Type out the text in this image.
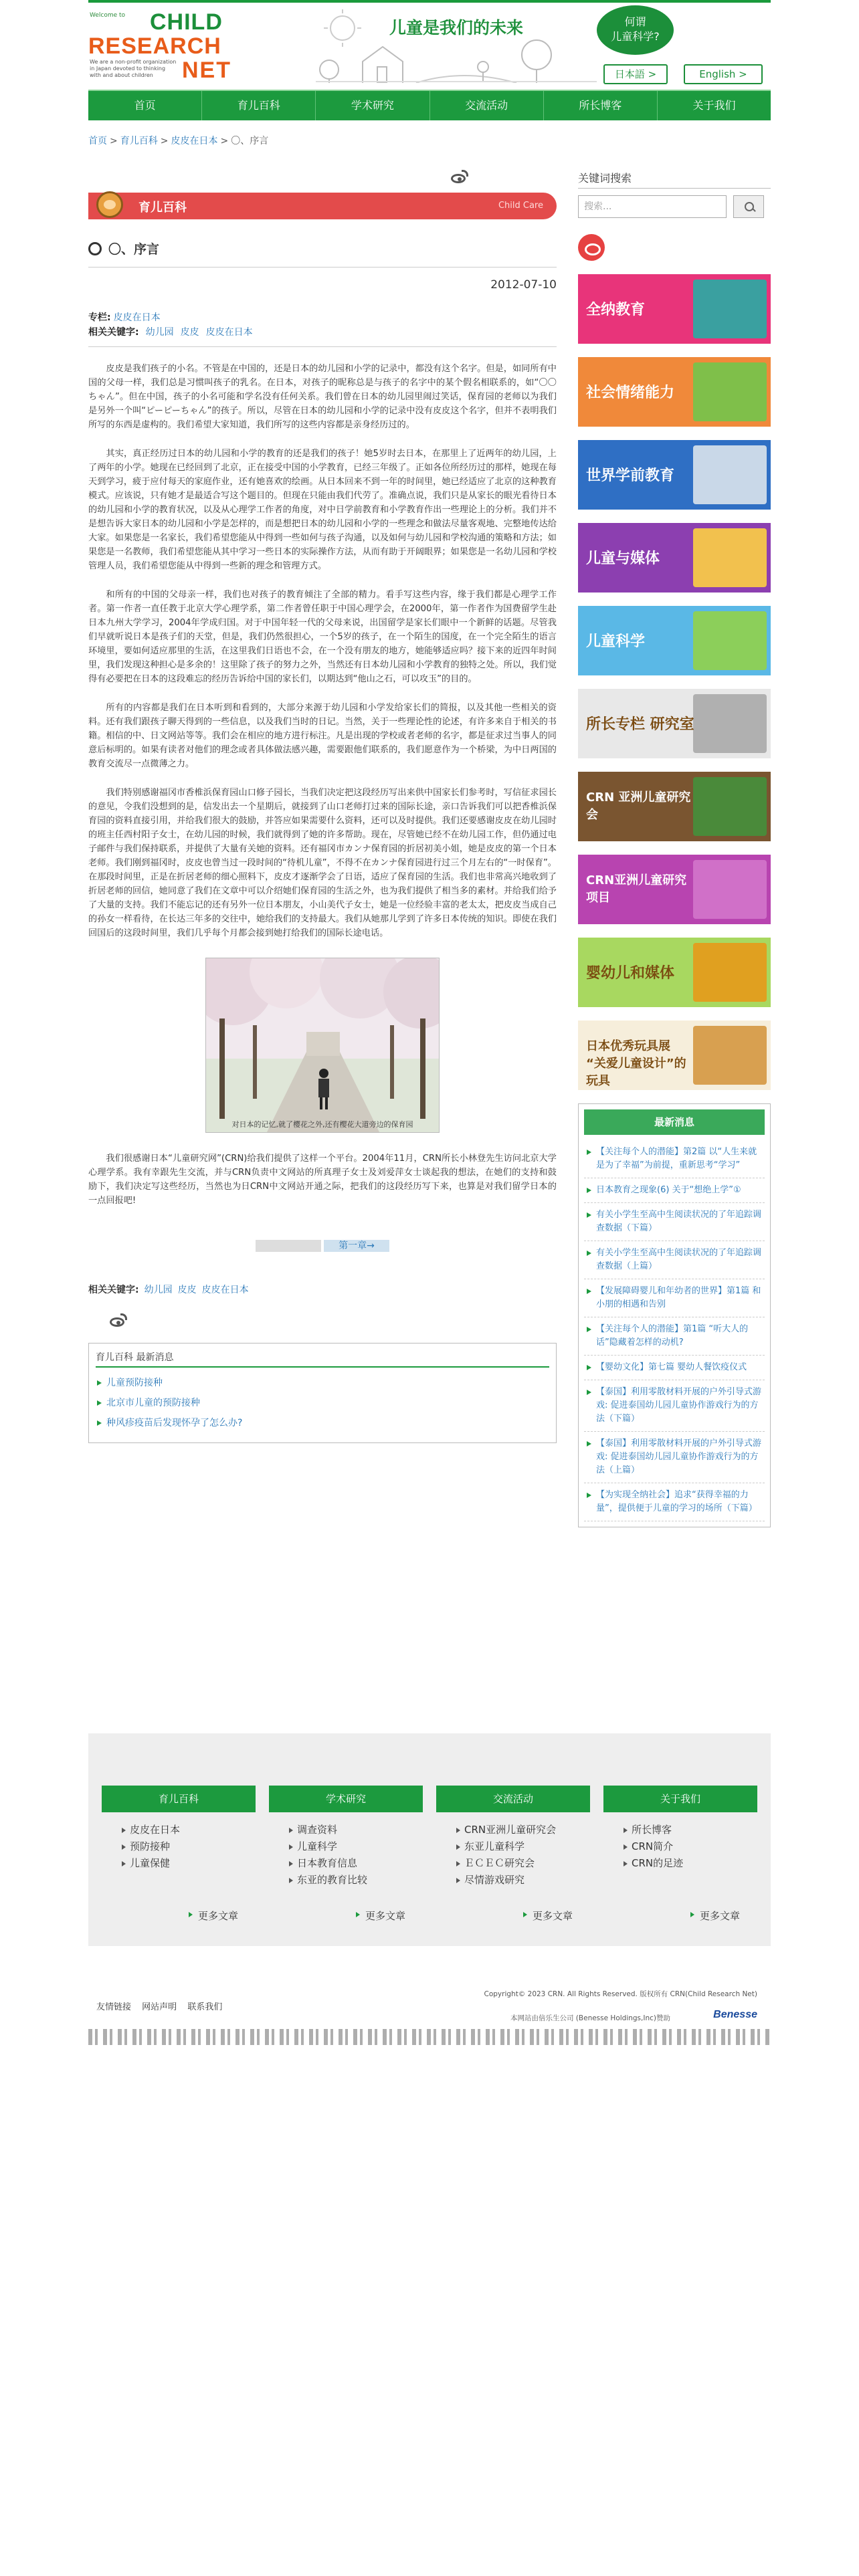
Welcome to CHILD
RESEARCH
We are a non-profit organization in Japan devoted to thinking with and about children	NET
儿童是我们的未来	何谓
儿童科学?
日本語 >	English >
首页	育儿百科	学术研究	交流活动	所长博客	关于我们
首页 > 育儿百科 > 皮皮在日本 > 〇、序言
育儿百科	Child Care
〇、序言
2012-07-10
专栏: 皮皮在日本
相关关键字: 幼儿园 皮皮 皮皮在日本

皮皮是我们孩子的小名。不管是在中国的，还是日本的幼儿园和小学的记录中，都没有这个名字。但是，如同所有中国的父母一样，我们总是习惯叫孩子的乳名。在日本，对孩子的昵称总是与孩子的名字中的某个假名相联系的，如“〇〇ちゃん”。但在中国，孩子的小名可能和学名没有任何关系。我们曾在日本的幼儿园里闹过笑话，保育园的老师以为我们是另外一个叫“ピーピーちゃん”的孩子。所以，尽管在日本的幼儿园和小学的记录中没有皮皮这个名字，但并不表明我们所写的东西是虚构的。我们希望大家知道，我们所写的这些内容都是亲身经历过的。

其实，真正经历过日本的幼儿园和小学的教育的还是我们的孩子！她5岁时去日本，在那里上了近两年的幼儿园，上了两年的小学。她现在已经回到了北京，正在接受中国的小学教育，已经三年级了。正如各位所经历过的那样，她现在每天到学习，疲于应付每天的家庭作业，还有她喜欢的绘画。从日本回来不到一年的时间里，她已经适应了北京的这种教育模式。应该说，只有她才是最适合写这个题目的。但现在只能由我们代劳了。准确点说，我们只是从家长的眼光看待日本的幼儿园和小学的教育状况，以及从心理学工作者的角度，对中日学前教育和小学教育作出一些理论上的分析。我们并不是想告诉大家日本的幼儿园和小学是怎样的，而是想把日本的幼儿园和小学的一些理念和做法尽量客观地、完整地传达给大家。如果您是一名家长，我们希望您能从中得到一些如何与孩子沟通，以及如何与幼儿园和学校沟通的策略和方法；如果您是一名教师，我们希望您能从其中学习一些日本的实际操作方法，从而有助于开阔眼界；如果您是一名幼儿园和学校管理人员，我们希望您能从中得到一些新的理念和管理方式。

和所有的中国的父母亲一样，我们也对孩子的教育倾注了全部的精力。看手写这些内容，缘于我们都是心理学工作者。第一作者一直任教于北京大学心理学系，第二作者曾任职于中国心理学会，在2000年，第一作者作为国费留学生赴日本九州大学学习，2004年学成归国。对于中国年轻一代的父母来说，出国留学是家长们眼中一个新鲜的话题。尽管我们早就听说日本是孩子们的天堂，但是，我们仍然很担心，一个5岁的孩子，在一个陌生的国度，在一个完全陌生的语言环境里，要如何适应那里的生活，在这里我们日语也不会，在一个没有朋友的地方，她能够适应吗？接下来的近四年时间里，我们发现这种担心是多余的！这里除了孩子的努力之外，当然还有日本幼儿园和小学教育的独特之处。所以，我们觉得有必要把在日本的这段难忘的经历告诉给中国的家长们，以期达到“他山之石，可以攻玉”的目的。

所有的内容都是我们在日本听到和看到的，大部分来源于幼儿园和小学发给家长们的简报，以及其他一些相关的资料。还有我们跟孩子聊天得到的一些信息，以及我们当时的日记。当然，关于一些理论性的论述，有许多来自于相关的书籍。相信的中、日文网站等等。我们会在相应的地方进行标注。凡是出现的学校或者老师的名字，都是征求过当事人的同意后标明的。如果有读者对他们的理念或者具体做法感兴趣，需要跟他们联系的，我们愿意作为一个桥梁，为中日两国的教育交流尽一点微薄之力。

我们特别感谢福冈市香椎浜保育园山口修子园长，当我们决定把这段经历写出来供中国家长们参考时，写信征求园长的意见，令我们没想到的是，信发出去一个星期后，就接到了山口老师打过来的国际长途，亲口告诉我们可以把香椎浜保育园的资料直接引用，并给我们很大的鼓励，并答应如果需要什么资料，还可以及时提供。我们还要感谢皮皮在幼儿园时的班主任西村阳子女士，在幼儿园的时候，我们就得到了她的许多帮助。现在，尽管她已经不在幼儿园工作，但仍通过电子邮件与我们保持联系，并提供了大量有关她的资料。还有福冈市カンナ保育园的折居初美小姐，她是皮皮的第一个日本老师。我们刚到福冈时，皮皮也曾当过一段时间的“待机儿童”，不得不在カンナ保育园进行过三个月左右的“一时保育”。在那段时间里，正是在折居老师的细心照料下，皮皮才逐渐学会了日语，适应了保育园的生活。我们也非常高兴地收到了折居老师的回信，她同意了我们在文章中可以介绍她们保育园的生活之外，也为我们提供了相当多的素材。并给我们给予了大量的支持。我们不能忘记的还有另外一位日本朋友，小山美代子女士，她是一位经验丰富的老太太，把皮皮当成自己的孙女一样看待，在长达三年多的交往中，她给我们的支持最大。我们从她那儿学到了许多日本传统的知识。即使在我们回国后的这段时间里，我们几乎每个月都会接到她打给我们的国际长途电话。

对日本的记忆,就了樱花之外,还有樱花大道旁边的保育园

我们很感谢日本“儿童研究网”(CRN)给我们提供了这样一个平台。2004年11月，CRN所长小林登先生访问北京大学心理学系。我有幸跟先生交流，并与CRN负责中文网站的所真理子女士及刘爱萍女士谈起我的想法，在她们的支持和鼓励下，我们决定写这些经历，当然也为日CRN中文网站开通之际，把我们的这段经历写下来，也算是对我们留学日本的一点回报吧!

第一章→
相关关键字: 幼儿园 皮皮 皮皮在日本
育儿百科 最新消息
儿童预防接种
北京市儿童的预防接种
种风疹疫苗后发现怀孕了怎么办?
关键词搜索
搜索...
全纳教育
社会情绪能力
世界学前教育
儿童与媒体
儿童科学
所长专栏 研究室
CRN 亚洲儿童研究会
CRN亚洲儿童研究项目
婴幼儿和媒体
日本优秀玩具展 “关爱儿童设计”的玩具
最新消息
【关注每个人的潜能】第2篇 以“人生来就是为了幸福”为前提，重新思考“学习”
日本教育之现象(6) 关于“想绝上学”①
有关小学生至高中生阅读状况的了年追踪调查数据（下篇）
有关小学生至高中生阅读状况的了年追踪调查数据（上篇）
【发展障碍婴儿和年幼者的世界】第1篇 和小朋的相遇和告别
【关注每个人的潜能】第1篇 “听大人的话”隐藏着怎样的动机?
【婴幼文化】第七篇 婴幼人餐饮疫仪式
【泰国】利用零散材料开展的户外引导式游戏: 促进泰国幼儿园儿童协作游戏行为的方法（下篇）
【泰国】利用零散材料开展的户外引导式游戏: 促进泰国幼儿园儿童协作游戏行为的方法（上篇）
【为实现全纳社会】追求“获得幸福的力量”，提供便于儿童的学习的场所（下篇）
育儿百科
皮皮在日本
预防接种
儿童保健
学术研究
调查资料
儿童科学
日本教育信息
东亚的教育比较
交流活动
CRN亚洲儿童研究会
东亚儿童科学
ＥＣＥＣ研究会
尽情游戏研究
关于我们
所长博客
CRN简介
CRN的足迹
更多文章	更多文章	更多文章	更多文章
友情链接 网站声明 联系我们
Copyright© 2023 CRN. All Rights Reserved. 版权所有 CRN(Child Research Net)
本网站由倍乐生公司 (Benesse Holdings,Inc)赞助	Benesse
